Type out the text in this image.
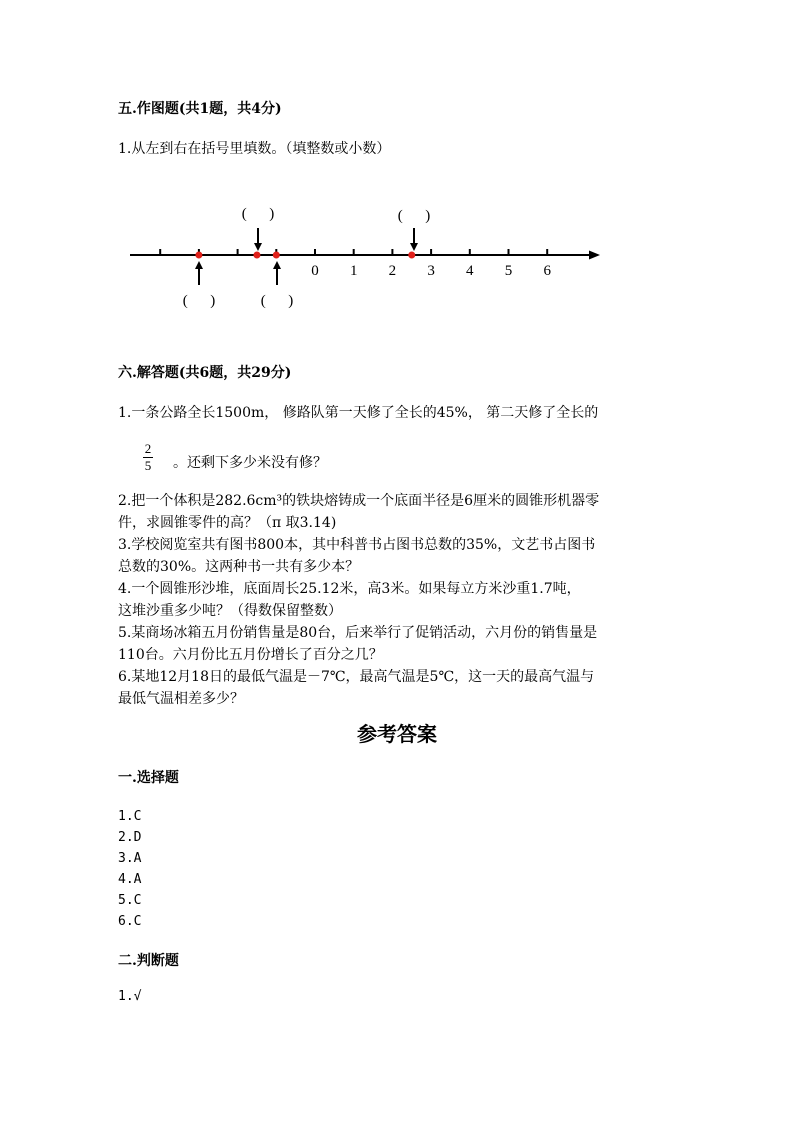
五.作图题(共1题，共4分)
1.从左到右在括号里填数。（填整数或小数）
0 1 2 3 4 5 6
(      )	(      )
(      )	(      )
六.解答题(共6题，共29分)
1.一条公路全长1500m， 修路队第一天修了全长的45%， 第二天修了全长的
2
5 。还剩下多少米没有修？
2.把一个体积是282.6cm³的铁块熔铸成一个底面半径是6厘米的圆锥形机器零
件，求圆锥零件的高？（π 取3.14)
3.学校阅览室共有图书800本，其中科普书占图书总数的35%，文艺书占图书
总数的30%。这两种书一共有多少本？
4.一个圆锥形沙堆，底面周长25.12米，高3米。如果每立方米沙重1.7吨，
这堆沙重多少吨？（得数保留整数）
5.某商场冰箱五月份销售量是80台，后来举行了促销活动，六月份的销售量是
110台。六月份比五月份增长了百分之几？
6.某地12月18日的最低气温是－7℃，最高气温是5℃，这一天的最高气温与
最低气温相差多少？
参考答案
一.选择题
1.C
2.D
3.A
4.A
5.C
6.C
二.判断题
1.√
